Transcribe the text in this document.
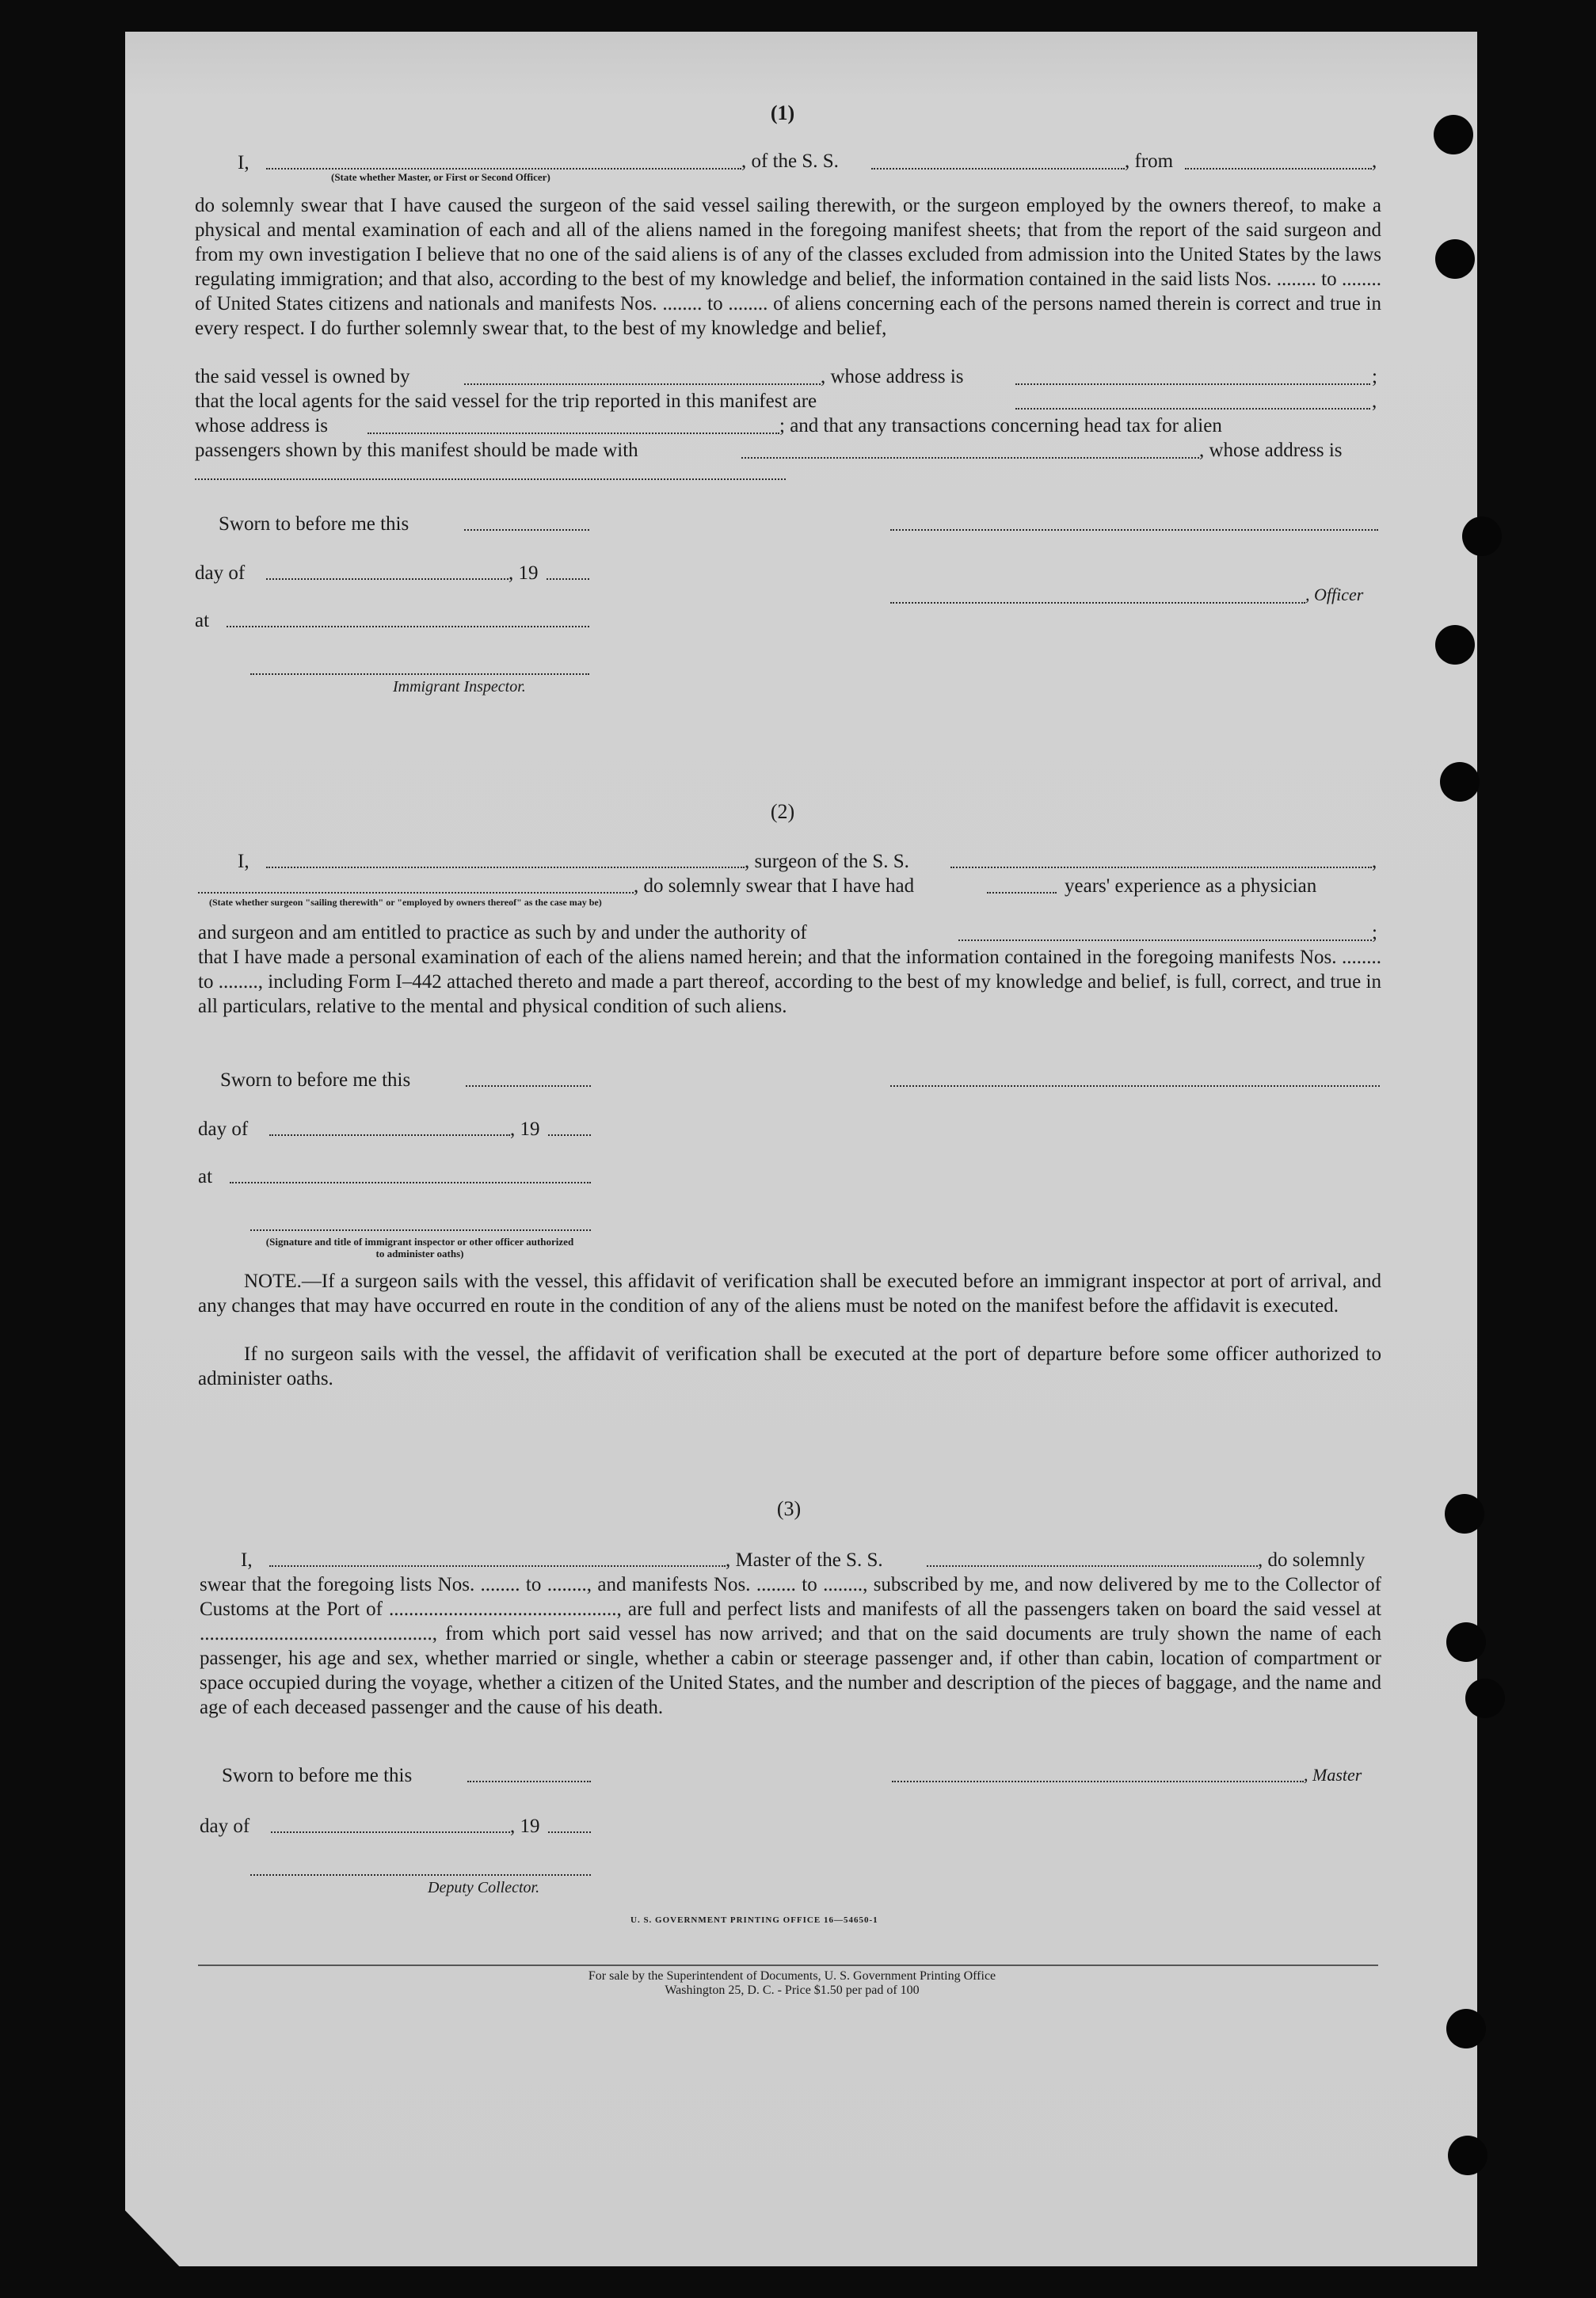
(1)
I,	, of the S. S.	, from	,
(State whether Master, or First or Second Officer)
do solemnly swear that I have caused the surgeon of the said vessel sailing therewith, or the surgeon employed by the owners thereof, to make a physical and mental examination of each and all of the aliens named in the foregoing manifest sheets; that from the report of the said surgeon and from my own investigation I believe that no one of the said aliens is of any of the classes excluded from admission into the United States by the laws regulating immigration; and that also, according to the best of my knowledge and belief, the information contained in the said lists Nos. ........ to ........ of United States citizens and nationals and manifests Nos. ........ to ........ of aliens concerning each of the persons named therein is correct and true in every respect. I do further solemnly swear that, to the best of my knowledge and belief,
the said vessel is owned by	, whose address is	;
that the local agents for the said vessel for the trip reported in this manifest are	,
whose address is	; and that any transactions concerning head tax for alien
passengers shown by this manifest should be made with	, whose address is
Sworn to before me this
day of	, 19
, Officer
at
Immigrant Inspector.
(2)
I,	, surgeon of the S. S.	,
, do solemnly swear that I have had	years' experience as a physician
(State whether surgeon "sailing therewith" or "employed by owners thereof" as the case may be)
and surgeon and am entitled to practice as such by and under the authority of	;
that I have made a personal examination of each of the aliens named herein; and that the information contained in the foregoing manifests Nos. ........ to ........, including Form I–442 attached thereto and made a part thereof, according to the best of my knowledge and belief, is full, correct, and true in all particulars, relative to the mental and physical condition of such aliens.
Sworn to before me this
day of	, 19
at
(Signature and title of immigrant inspector or other officer authorized to administer oaths)
NOTE.—If a surgeon sails with the vessel, this affidavit of verification shall be executed before an immigrant inspector at port of arrival, and any changes that may have occurred en route in the condition of any of the aliens must be noted on the manifest before the affidavit is executed.
If no surgeon sails with the vessel, the affidavit of verification shall be executed at the port of departure before some officer authorized to administer oaths.
(3)
I,	, Master of the S. S.	, do solemnly
swear that the foregoing lists Nos. ........ to ........, and manifests Nos. ........ to ........, subscribed by me, and now delivered by me to the Collector of Customs at the Port of .............................................., are full and perfect lists and manifests of all the passengers taken on board the said vessel at ..............................................., from which port said vessel has now arrived; and that on the said documents are truly shown the name of each passenger, his age and sex, whether married or single, whether a cabin or steerage passenger and, if other than cabin, location of compartment or space occupied during the voyage, whether a citizen of the United States, and the number and description of the pieces of baggage, and the name and age of each deceased passenger and the cause of his death.
Sworn to before me this	, Master
day of	, 19
Deputy Collector.
U. S. GOVERNMENT PRINTING OFFICE 16—54650-1
For sale by the Superintendent of Documents, U. S. Government Printing Office
Washington 25, D. C. - Price $1.50 per pad of 100
